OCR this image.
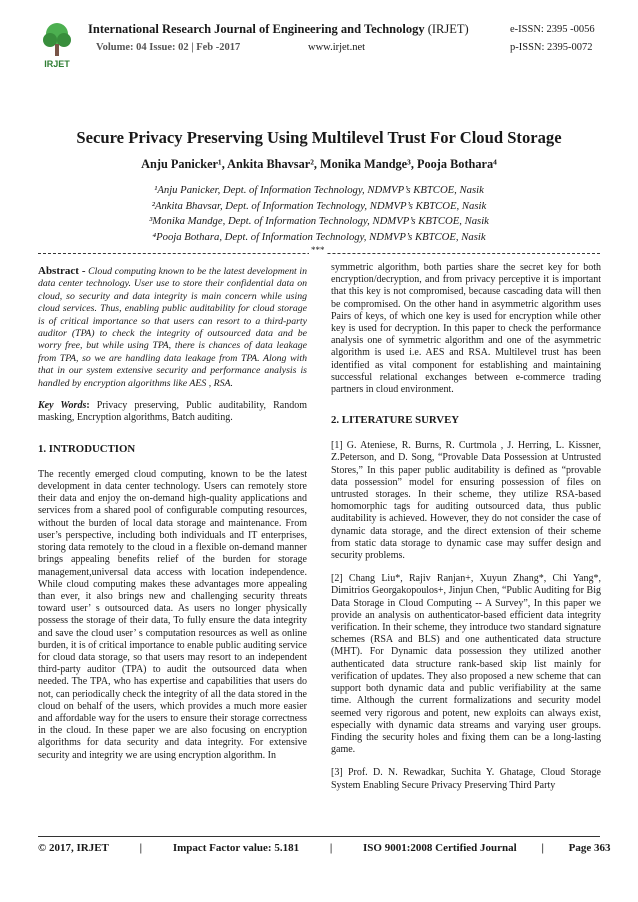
IRJET
International Research Journal of Engineering and Technology (IRJET)	e-ISSN: 2395 -0056
Volume: 04 Issue: 02 | Feb -2017	www.irjet.net	p-ISSN: 2395-0072
Secure Privacy Preserving Using Multilevel Trust For Cloud Storage
Anju Panicker¹, Ankita Bhavsar², Monika Mandge³, Pooja Bothara⁴
¹Anju Panicker, Dept. of Information Technology, NDMVP’s KBTCOE, Nasik
²Ankita Bhavsar, Dept. of Information Technology, NDMVP’s KBTCOE, Nasik
³Monika Mandge, Dept. of Information Technology, NDMVP’s KBTCOE, Nasik
⁴Pooja Bothara, Dept. of Information Technology, NDMVP’s KBTCOE, Nasik
***

Abstract - Cloud computing known to be the latest development in data center technology. User use to store their confidential data on cloud, so security and data integrity is main concern while using cloud services. Thus, enabling public auditability for cloud storage is of critical importance so that users can resort to a third-party auditor (TPA) to check the integrity of outsourced data and be worry free, but while using TPA, there is chances of data leakage from TPA, so we are handling data leakage from TPA. Along with that in our system extensive security and performance analysis is handled by encryption algorithms like AES , RSA.

Key Words: Privacy preserving, Public auditability, Random masking, Encryption algorithms, Batch auditing.

1. INTRODUCTION

The recently emerged cloud computing, known to be the latest development in data center technology. Users can remotely store their data and enjoy the on-demand high-quality applications and services from a shared pool of configurable computing resources, without the burden of local data storage and maintenance. From user’s perspective, including both individuals and IT enterprises, storing data remotely to the cloud in a flexible on-demand manner brings appealing benefits relief of the burden for storage management,universal data access with location independence. While cloud computing makes these advantages more appealing than ever, it also brings new and challenging security threats toward user’ s outsourced data. As users no longer physically possess the storage of their data, To fully ensure the data integrity and save the cloud user’ s computation resources as well as online burden, it is of critical importance to enable public auditing service for cloud data storage, so that users may resort to an independent third-party auditor (TPA) to audit the outsourced data when needed. The TPA, who has expertise and capabilities that users do not, can periodically check the integrity of all the data stored in the cloud on behalf of the users, which provides a much more easier and affordable way for the users to ensure their storage correctness in the cloud. In these paper we are also focusing on encryption algorithms for data security and data integrity. For extensive security and integrity we are using encryption algorithm. In

symmetric algorithm, both parties share the secret key for both encryption/decryption, and from privacy perceptive it is important that this key is not compromised, because cascading data will then be compromised. On the other hand in asymmetric algorithm uses Pairs of keys, of which one key is used for encryption while other key is used for decryption. In this paper to check the performance analysis one of symmetric algorithm and one of the asymmetric algorithm is used i.e. AES and RSA. Multilevel trust has been identified as vital component for establishing and maintaining successful relational exchanges between e-commerce trading partners in cloud environment.

2. LITERATURE SURVEY

[1] G. Ateniese, R. Burns, R. Curtmola , J. Herring, L. Kissner, Z.Peterson, and D. Song, “Provable Data Possession at Untrusted Stores,” In this paper public auditability is defined as “provable data possession” model for ensuring possession of files on untrusted storages. In their scheme, they utilize RSA-based homomorphic tags for auditing outsourced data, thus public auditability is achieved. However, they do not consider the case of dynamic data storage, and the direct extension of their scheme from static data storage to dynamic case may suffer design and security problems.

[2] Chang Liu*, Rajiv Ranjan+, Xuyun Zhang*, Chi Yang*, Dimitrios Georgakopoulos+, Jinjun Chen, “Public Auditing for Big Data Storage in Cloud Computing -- A Survey”, In this paper we provide an analysis on authenticator-based efficient data integrity verification. In their scheme, they introduce two standard signature schemes (RSA and BLS) and one authenticated data structure (MHT). For Dynamic data possession they utilized another authenticated data structure rank-based skip list mainly for verification of updates. They also proposed a new scheme that can support both dynamic data and public verifiability at the same time. Although the current formalizations and security model seemed very rigorous and potent, new exploits can always exist, especially with dynamic data streams and varying user groups. Finding the security holes and fixing them can be a long-lasting game.

[3] Prof. D. N. Rewadkar, Suchita Y. Ghatage, Cloud Storage System Enabling Secure Privacy Preserving Third Party

© 2017, IRJET	|	Impact Factor value: 5.181	|	ISO 9001:2008 Certified Journal | Page 363
